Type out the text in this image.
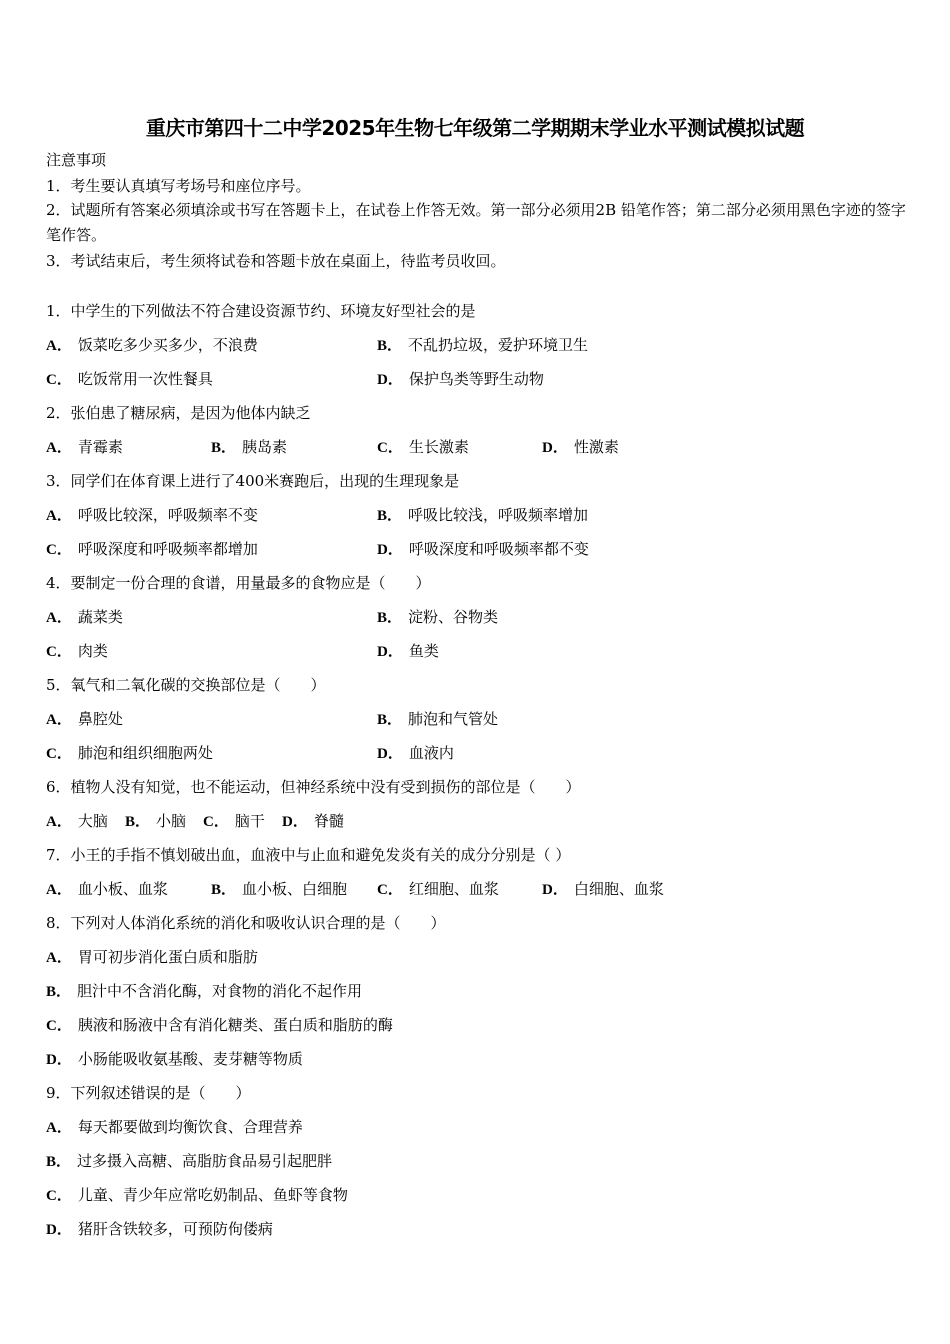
重庆市第四十二中学2025年生物七年级第二学期期末学业水平测试模拟试题
注意事项
1．考生要认真填写考场号和座位序号。
2．试题所有答案必须填涂或书写在答题卡上，在试卷上作答无效。第一部分必须用2B 铅笔作答；第二部分必须用黑色字迹的签字笔作答。
3．考试结束后，考生须将试卷和答题卡放在桌面上，待监考员收回。
1．中学生的下列做法不符合建设资源节约、环境友好型社会的是
A． 饭菜吃多少买多少，不浪费	B． 不乱扔垃圾，爱护环境卫生
C． 吃饭常用一次性餐具	D． 保护鸟类等野生动物
2．张伯患了糖尿病，是因为他体内缺乏
A． 青霉素	B． 胰岛素	C． 生长激素	D． 性激素
3．同学们在体育课上进行了400米赛跑后，出现的生理现象是
A． 呼吸比较深，呼吸频率不变	B． 呼吸比较浅，呼吸频率增加
C． 呼吸深度和呼吸频率都增加	D． 呼吸深度和呼吸频率都不变
4．要制定一份合理的食谱，用量最多的食物应是（　　）
A． 蔬菜类	B． 淀粉、谷物类
C． 肉类	D． 鱼类
5．氧气和二氧化碳的交换部位是（　　）
A． 鼻腔处	B． 肺泡和气管处
C． 肺泡和组织细胞两处	D． 血液内
6．植物人没有知觉，也不能运动，但神经系统中没有受到损伤的部位是（　　）
A． 大脑 B． 小脑 C． 脑干 D． 脊髓
7．小王的手指不慎划破出血，血液中与止血和避免发炎有关的成分分别是（ ）
A． 血小板、血浆	B． 血小板、白细胞 C． 红细胞、血浆	D． 白细胞、血浆
8．下列对人体消化系统的消化和吸收认识合理的是（　　）
A． 胃可初步消化蛋白质和脂肪
B． 胆汁中不含消化酶，对食物的消化不起作用
C． 胰液和肠液中含有消化糖类、蛋白质和脂肪的酶
D． 小肠能吸收氨基酸、麦芽糖等物质
9．下列叙述错误的是（　　）
A． 每天都要做到均衡饮食、合理营养
B． 过多摄入高糖、高脂肪食品易引起肥胖
C． 儿童、青少年应常吃奶制品、鱼虾等食物
D． 猪肝含铁较多，可预防佝偻病
